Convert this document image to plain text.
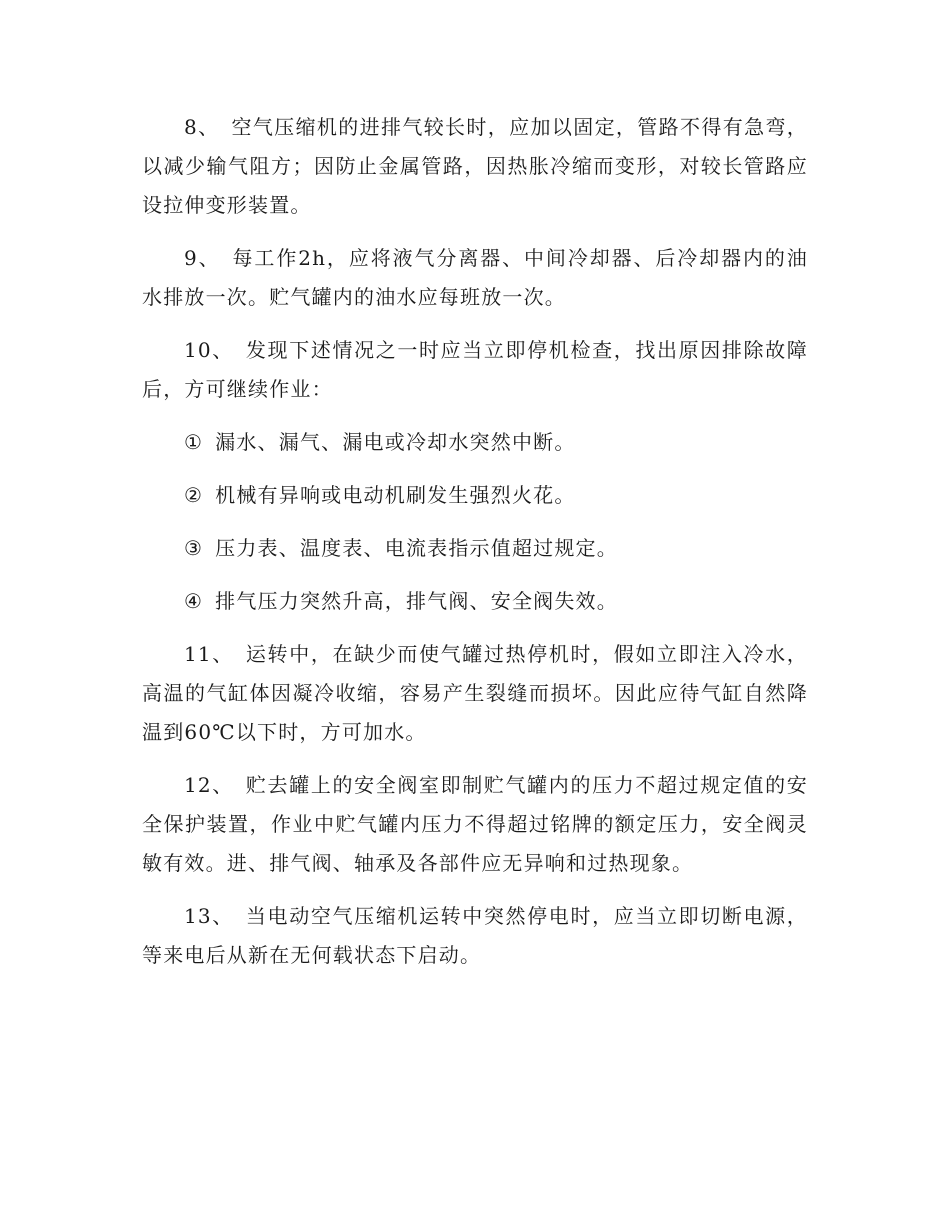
8、 空气压缩机的进排气较长时，应加以固定，管路不得有急弯，以减少输气阻方；因防止金属管路，因热胀冷缩而变形，对较长管路应设拉伸变形装置。

9、 每工作2h，应将液气分离器、中间冷却器、后冷却器内的油水排放一次。贮气罐内的油水应每班放一次。

10、 发现下述情况之一时应当立即停机检查，找出原因排除故障后，方可继续作业：

① 漏水、漏气、漏电或冷却水突然中断。

② 机械有异响或电动机刷发生强烈火花。

③ 压力表、温度表、电流表指示值超过规定。

④ 排气压力突然升高，排气阀、安全阀失效。

11、 运转中，在缺少而使气罐过热停机时，假如立即注入冷水，高温的气缸体因凝冷收缩，容易产生裂缝而损坏。因此应待气缸自然降温到60℃以下时，方可加水。

12、 贮去罐上的安全阀室即制贮气罐内的压力不超过规定值的安全保护装置，作业中贮气罐内压力不得超过铭牌的额定压力，安全阀灵敏有效。进、排气阀、轴承及各部件应无异响和过热现象。

13、 当电动空气压缩机运转中突然停电时，应当立即切断电源，等来电后从新在无何载状态下启动。
